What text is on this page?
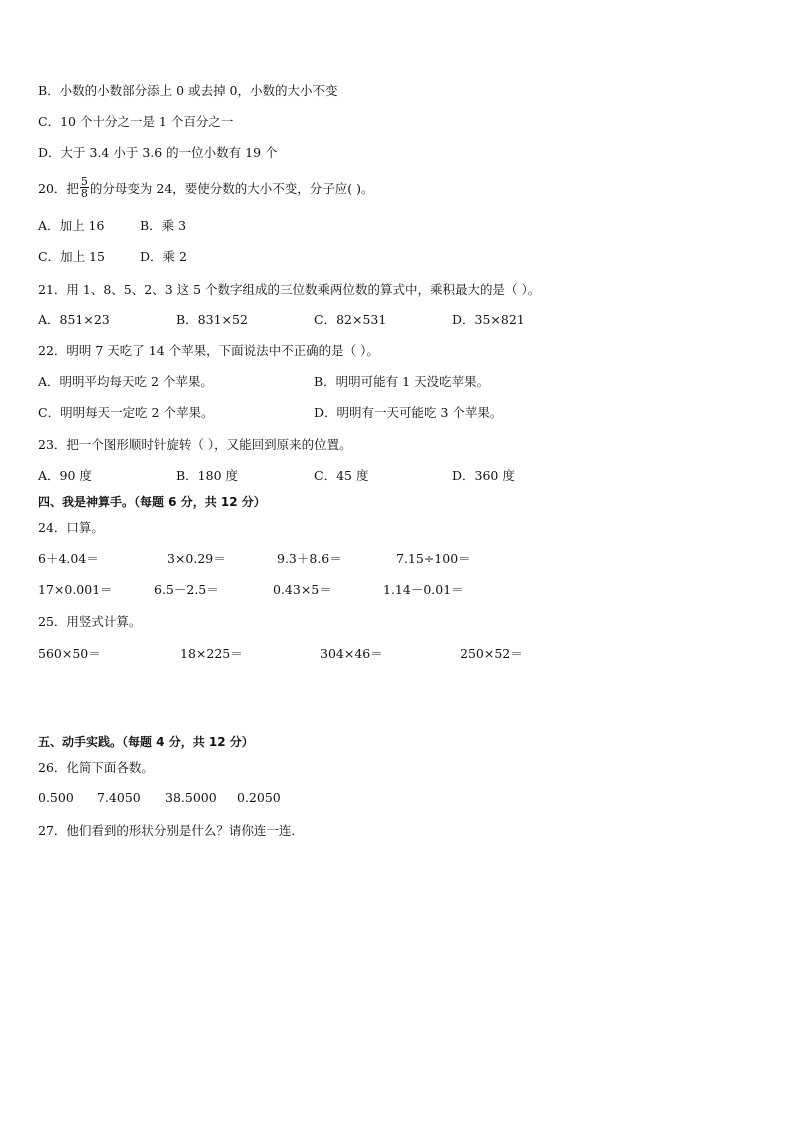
B．小数的小数部分添上 0 或去掉 0，小数的大小不变
C．10 个十分之一是 1 个百分之一
D．大于 3.4 小于 3.6 的一位小数有 19 个
20．把 $\frac{5}{8}$ 的分母变为 24，要使分数的大小不变，分子应( )。
A．加上 16	B．乘 3
C．加上 15	D．乘 2
21．用 1、8、5、2、3 这 5 个数字组成的三位数乘两位数的算式中，乘积最大的是（ ）。
A．851×23	B．831×52	C．82×531	D．35×821
22．明明 7 天吃了 14 个苹果，下面说法中不正确的是（ ）。
A．明明平均每天吃 2 个苹果。	B．明明可能有 1 天没吃苹果。
C．明明每天一定吃 2 个苹果。	D．明明有一天可能吃 3 个苹果。
23．把一个图形顺时针旋转（ ），又能回到原来的位置。
A．90 度	B．180 度	C．45 度	D．360 度
四、我是神算手。（每题 6 分，共 12 分）
24．口算。
6＋4.04＝	3×0.29＝	9.3＋8.6＝	7.15÷100＝
17×0.001＝	6.5－2.5＝	0.43×5＝	1.14－0.01＝
25．用竖式计算。
560×50＝	18×225＝	304×46＝	250×52＝
五、动手实践。（每题 4 分，共 12 分）
26．化简下面各数。
0.500 7.4050 38.5000 0.2050
27．他们看到的形状分别是什么？请你连一连．
